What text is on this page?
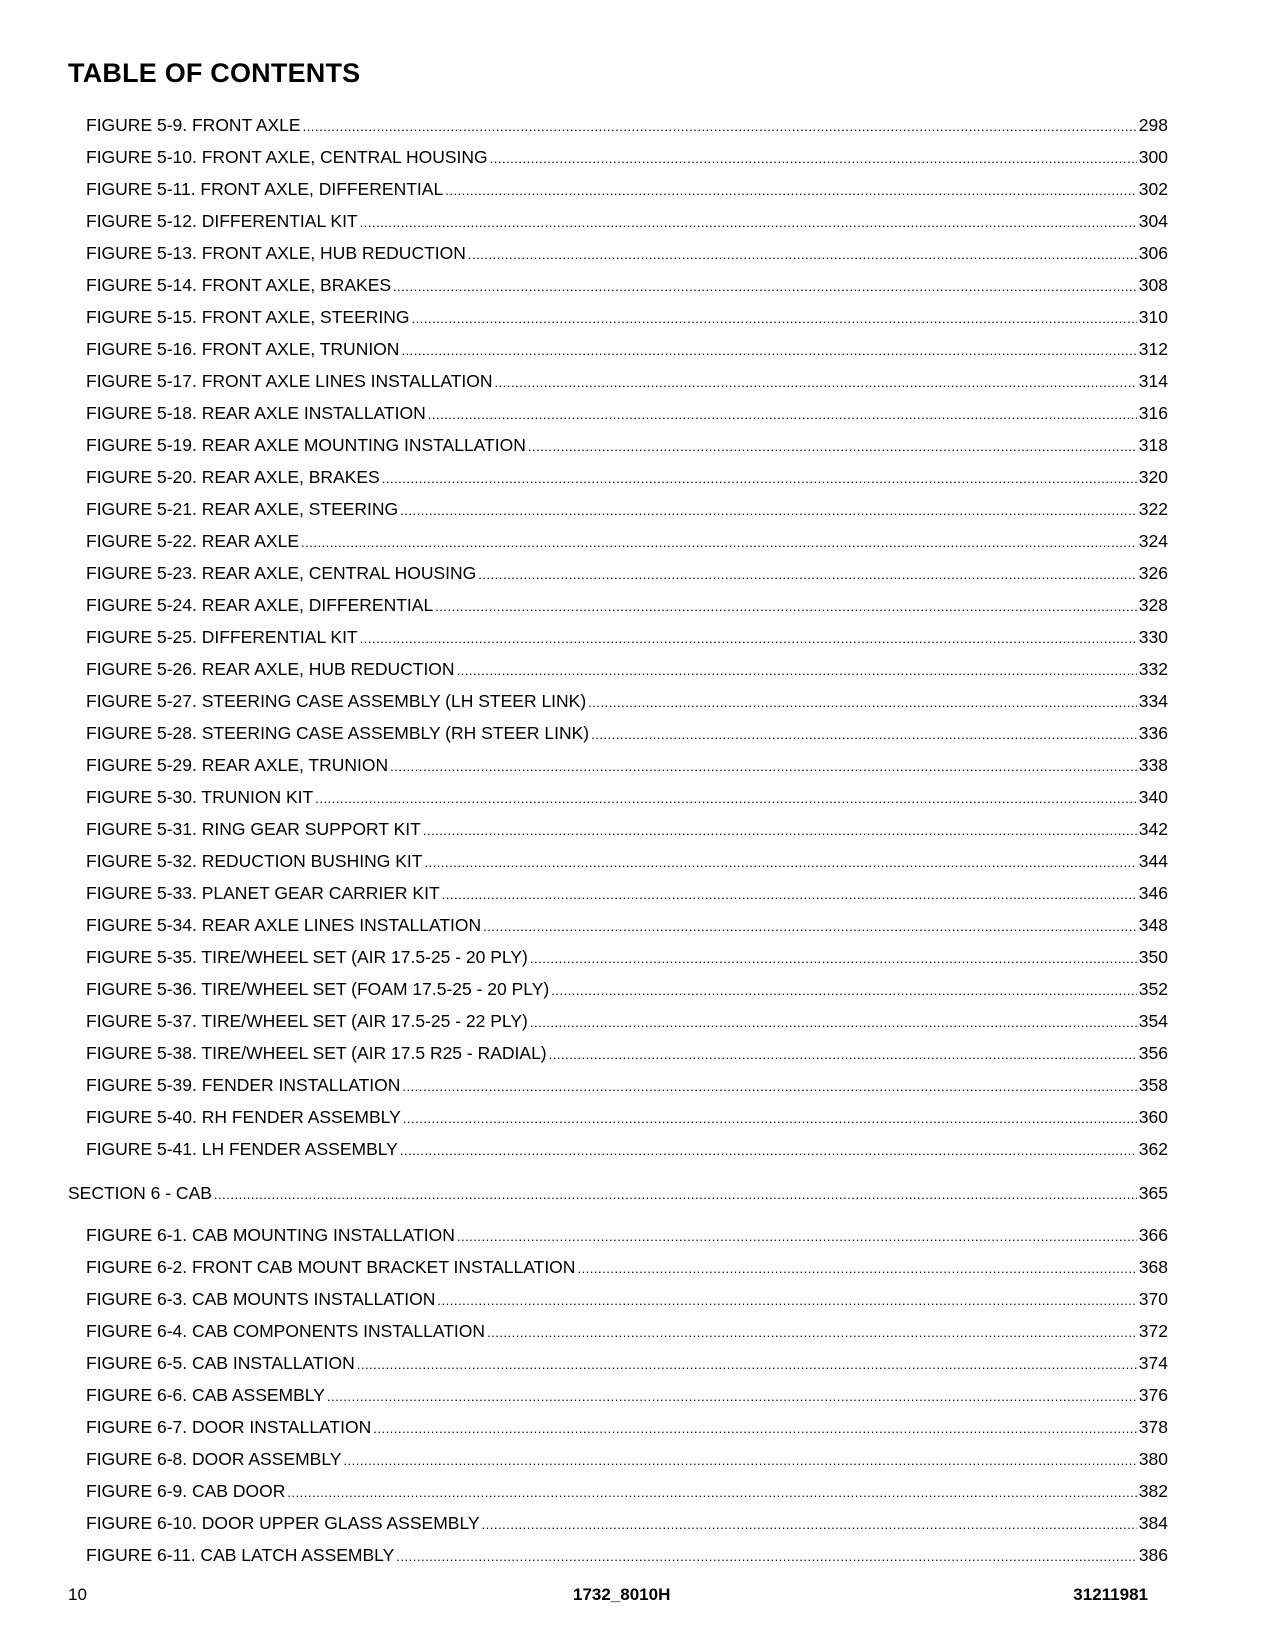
TABLE OF CONTENTS
FIGURE 5-9. FRONT AXLE .....	298
FIGURE 5-10. FRONT AXLE, CENTRAL HOUSING .....	300
FIGURE 5-11. FRONT AXLE, DIFFERENTIAL .....	302
FIGURE 5-12. DIFFERENTIAL KIT .....	304
FIGURE 5-13. FRONT AXLE, HUB REDUCTION .....	306
FIGURE 5-14. FRONT AXLE, BRAKES .....	308
FIGURE 5-15. FRONT AXLE, STEERING .....	310
FIGURE 5-16. FRONT AXLE, TRUNION .....	312
FIGURE 5-17. FRONT AXLE LINES INSTALLATION .....	314
FIGURE 5-18. REAR AXLE INSTALLATION .....	316
FIGURE 5-19. REAR AXLE MOUNTING INSTALLATION .....	318
FIGURE 5-20. REAR AXLE, BRAKES .....	320
FIGURE 5-21. REAR AXLE, STEERING .....	322
FIGURE 5-22. REAR AXLE .....	324
FIGURE 5-23. REAR AXLE, CENTRAL HOUSING .....	326
FIGURE 5-24. REAR AXLE, DIFFERENTIAL .....	328
FIGURE 5-25. DIFFERENTIAL KIT .....	330
FIGURE 5-26. REAR AXLE, HUB REDUCTION .....	332
FIGURE 5-27. STEERING CASE ASSEMBLY (LH STEER LINK) .....	334
FIGURE 5-28. STEERING CASE ASSEMBLY (RH STEER LINK) .....	336
FIGURE 5-29. REAR AXLE, TRUNION .....	338
FIGURE 5-30. TRUNION KIT .....	340
FIGURE 5-31. RING GEAR SUPPORT KIT .....	342
FIGURE 5-32. REDUCTION BUSHING KIT .....	344
FIGURE 5-33. PLANET GEAR CARRIER KIT .....	346
FIGURE 5-34. REAR AXLE LINES INSTALLATION .....	348
FIGURE 5-35. TIRE/WHEEL SET (AIR 17.5-25 - 20 PLY) .....	350
FIGURE 5-36. TIRE/WHEEL SET (FOAM 17.5-25 - 20 PLY) .....	352
FIGURE 5-37. TIRE/WHEEL SET (AIR 17.5-25 - 22 PLY) .....	354
FIGURE 5-38. TIRE/WHEEL SET (AIR 17.5 R25 - RADIAL) .....	356
FIGURE 5-39. FENDER INSTALLATION .....	358
FIGURE 5-40. RH FENDER ASSEMBLY .....	360
FIGURE 5-41. LH FENDER ASSEMBLY .....	362
SECTION 6 - CAB .....	365
FIGURE 6-1. CAB MOUNTING INSTALLATION .....	366
FIGURE 6-2. FRONT CAB MOUNT BRACKET INSTALLATION .....	368
FIGURE 6-3. CAB MOUNTS INSTALLATION .....	370
FIGURE 6-4. CAB COMPONENTS INSTALLATION .....	372
FIGURE 6-5. CAB INSTALLATION .....	374
FIGURE 6-6. CAB ASSEMBLY .....	376
FIGURE 6-7. DOOR INSTALLATION .....	378
FIGURE 6-8. DOOR ASSEMBLY .....	380
FIGURE 6-9. CAB DOOR .....	382
FIGURE 6-10. DOOR UPPER GLASS ASSEMBLY .....	384
FIGURE 6-11. CAB LATCH ASSEMBLY .....	386
10	1732_8010H	31211981
